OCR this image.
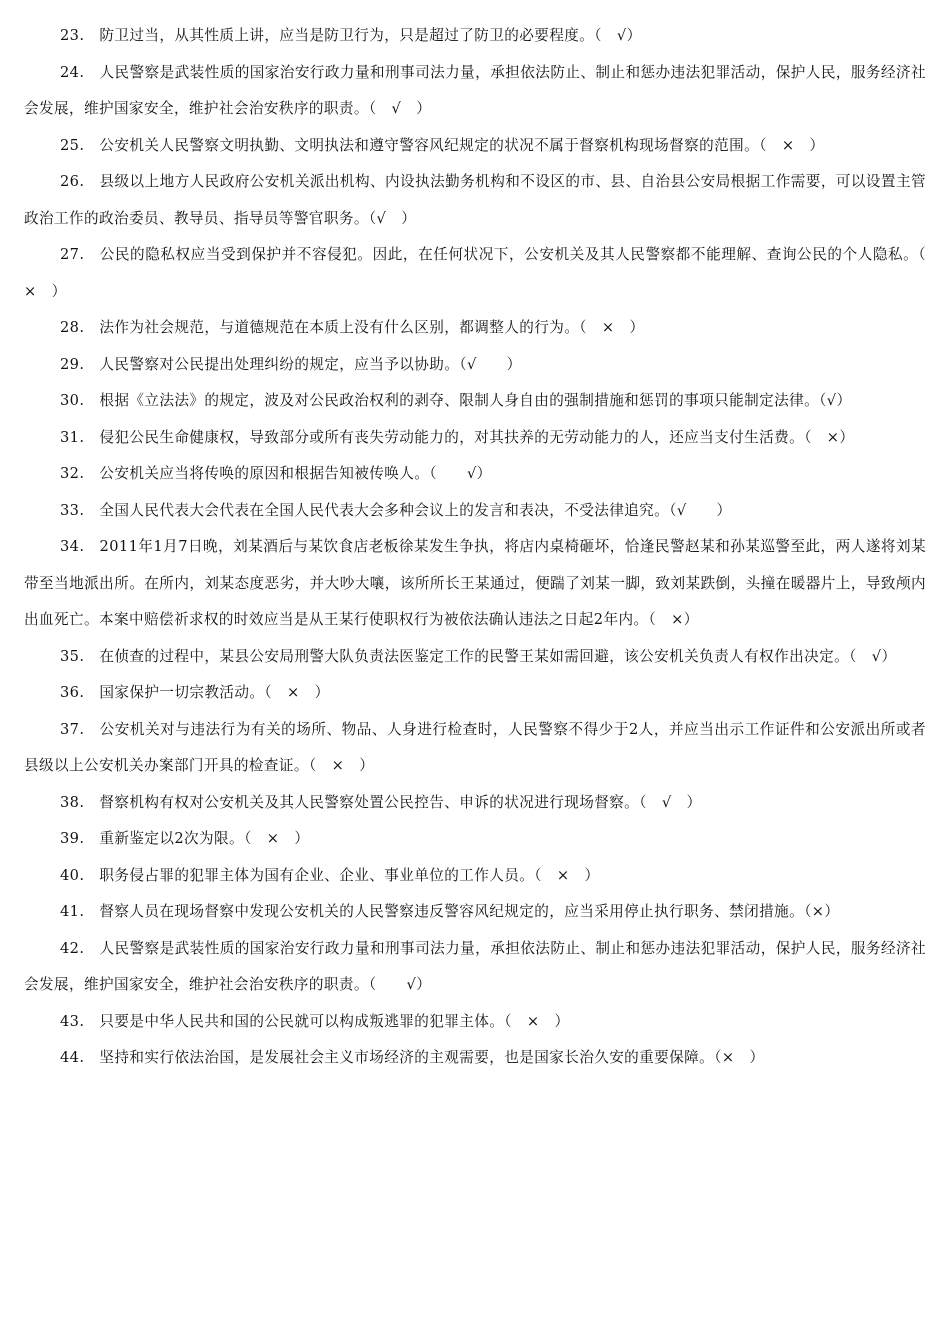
23.　防卫过当，从其性质上讲，应当是防卫行为，只是超过了防卫的必要程度。（　√）

24.　人民警察是武装性质的国家治安行政力量和刑事司法力量，承担依法防止、制止和惩办违法犯罪活动，保护人民，服务经济社会发展，维护国家安全，维护社会治安秩序的职责。（　√　）

25.　公安机关人民警察文明执勤、文明执法和遵守警容风纪规定的状况不属于督察机构现场督察的范围。（　×　）

26.　县级以上地方人民政府公安机关派出机构、内设执法勤务机构和不设区的市、县、自治县公安局根据工作需要，可以设置主管政治工作的政治委员、教导员、指导员等警官职务。（√　）

27.　公民的隐私权应当受到保护并不容侵犯。因此，在任何状况下，公安机关及其人民警察都不能理解、查询公民的个人隐私。（　×　）

28.　法作为社会规范，与道德规范在本质上没有什么区别，都调整人的行为。（　×　）

29.　人民警察对公民提出处理纠纷的规定，应当予以协助。（√　　）

30.　根据《立法法》的规定，波及对公民政治权利的剥夺、限制人身自由的强制措施和惩罚的事项只能制定法律。（√）

31.　侵犯公民生命健康权，导致部分或所有丧失劳动能力的，对其扶养的无劳动能力的人，还应当支付生活费。（　×）

32.　公安机关应当将传唤的原因和根据告知被传唤人。（　　√）

33.　全国人民代表大会代表在全国人民代表大会多种会议上的发言和表决，不受法律追究。（√　　）

34.　2011年1月7日晚，刘某酒后与某饮食店老板徐某发生争执，将店内桌椅砸坏，恰逢民警赵某和孙某巡警至此，两人遂将刘某带至当地派出所。在所内，刘某态度恶劣，并大吵大嚷，该所所长王某通过，便踹了刘某一脚，致刘某跌倒，头撞在暖器片上，导致颅内出血死亡。本案中赔偿祈求权的时效应当是从王某行使职权行为被依法确认违法之日起2年内。（　×）

35.　在侦查的过程中，某县公安局刑警大队负责法医鉴定工作的民警王某如需回避，该公安机关负责人有权作出决定。（　√）

36.　国家保护一切宗教活动。（　×　）

37.　公安机关对与违法行为有关的场所、物品、人身进行检查时，人民警察不得少于2人，并应当出示工作证件和公安派出所或者县级以上公安机关办案部门开具的检查证。（　×　）

38.　督察机构有权对公安机关及其人民警察处置公民控告、申诉的状况进行现场督察。（　√　）

39.　重新鉴定以2次为限。（　×　）

40.　职务侵占罪的犯罪主体为国有企业、企业、事业单位的工作人员。（　×　）

41.　督察人员在现场督察中发现公安机关的人民警察违反警容风纪规定的，应当采用停止执行职务、禁闭措施。（×）

42.　人民警察是武装性质的国家治安行政力量和刑事司法力量，承担依法防止、制止和惩办违法犯罪活动，保护人民，服务经济社会发展，维护国家安全，维护社会治安秩序的职责。（　　√）

43.　只要是中华人民共和国的公民就可以构成叛逃罪的犯罪主体。（　×　）

44.　坚持和实行依法治国，是发展社会主义市场经济的主观需要，也是国家长治久安的重要保障。（×　）
